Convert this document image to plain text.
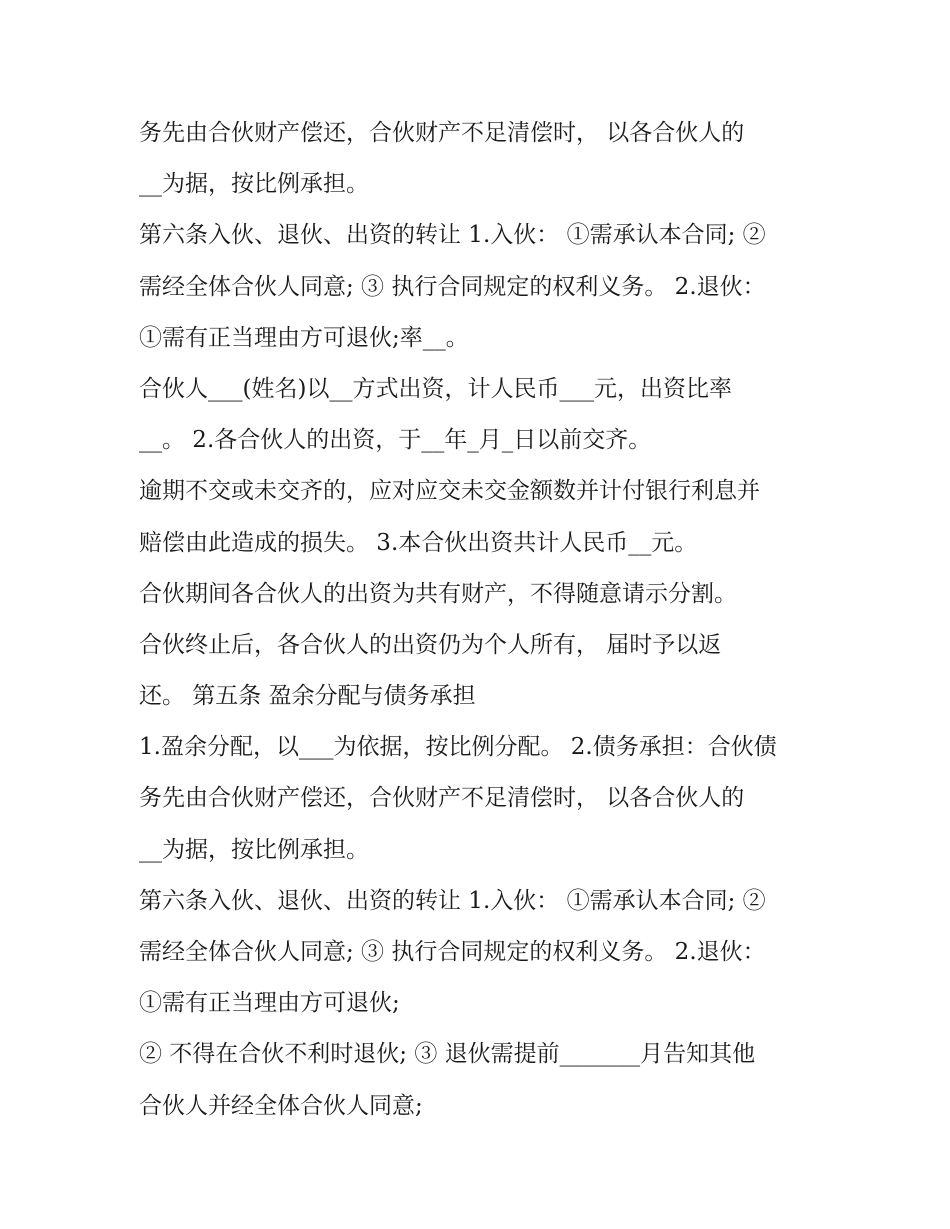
务先由合伙财产偿还，合伙财产不足清偿时， 以各合伙人的
__为据，按比例承担。
第六条入伙、退伙、出资的转让 1.入伙： ①需承认本合同; ②
需经全体合伙人同意; ③ 执行合同规定的权利义务。 2.退伙：
①需有正当理由方可退伙;率__。
合伙人___(姓名)以__方式出资，计人民币___元，出资比率
__。 2.各合伙人的出资，于__年_月_日以前交齐。
逾期不交或未交齐的，应对应交未交金额数并计付银行利息并
赔偿由此造成的损失。 3.本合伙出资共计人民币__元。
合伙期间各合伙人的出资为共有财产，不得随意请示分割。
合伙终止后，各合伙人的出资仍为个人所有， 届时予以返
还。 第五条 盈余分配与债务承担
1.盈余分配，以___为依据，按比例分配。 2.债务承担：合伙债
务先由合伙财产偿还，合伙财产不足清偿时， 以各合伙人的
__为据，按比例承担。
第六条入伙、退伙、出资的转让 1.入伙： ①需承认本合同; ②
需经全体合伙人同意; ③ 执行合同规定的权利义务。 2.退伙：
①需有正当理由方可退伙;
② 不得在合伙不利时退伙; ③ 退伙需提前_______月告知其他
合伙人并经全体合伙人同意;
